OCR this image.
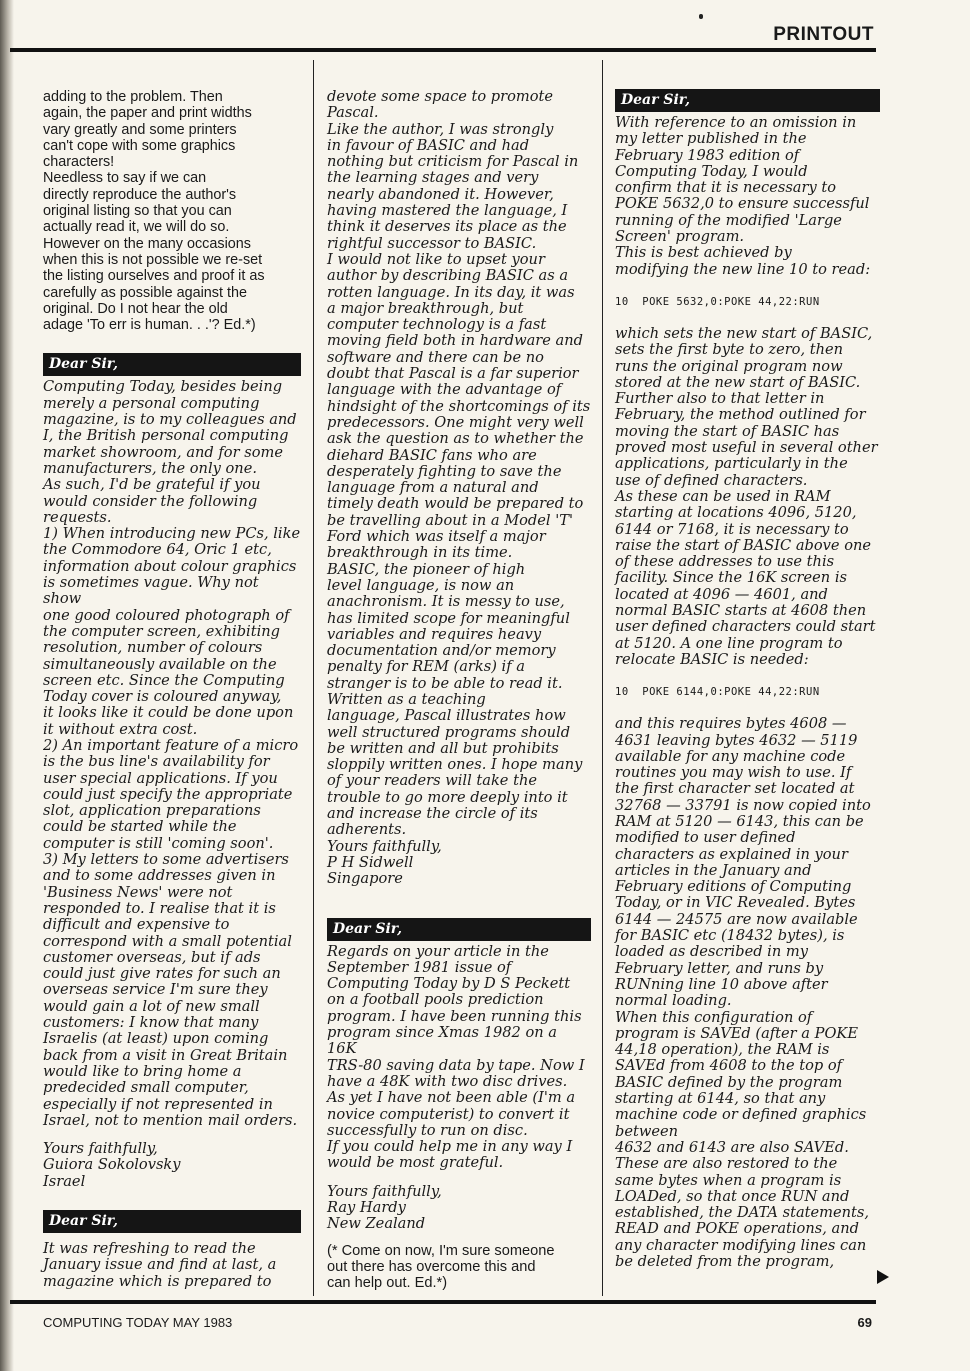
PRINTOUT

adding to the problem. Then
again, the paper and print widths
vary greatly and some printers
can't cope with some graphics
characters!
Needless to say if we can
directly reproduce the author's
original listing so that you can
actually read it, we will do so.
However on the many occasions
when this is not possible we re-set
the listing ourselves and proof it as
carefully as possible against the
original. Do I not hear the old
adage 'To err is human. . .'? Ed.*)

Dear Sir,

Computing Today, besides being
merely a personal computing
magazine, is to my colleagues and
I, the British personal computing
market showroom, and for some
manufacturers, the only one.
As such, I'd be grateful if you
would consider the following
requests.
1) When introducing new PCs, like
the Commodore 64, Oric 1 etc,
information about colour graphics
is sometimes vague. Why not show
one good coloured photograph of
the computer screen, exhibiting
resolution, number of colours
simultaneously available on the
screen etc. Since the Computing
Today cover is coloured anyway,
it looks like it could be done upon
it without extra cost.
2) An important feature of a micro
is the bus line's availability for
user special applications. If you
could just specify the appropriate
slot, application preparations
could be started while the
computer is still 'coming soon'.
3) My letters to some advertisers
and to some addresses given in
'Business News' were not
responded to. I realise that it is
difficult and expensive to
correspond with a small potential
customer overseas, but if ads
could just give rates for such an
overseas service I'm sure they
would gain a lot of new small
customers: I know that many
Israelis (at least) upon coming
back from a visit in Great Britain
would like to bring home a
predecided small computer,
especially if not represented in
Israel, not to mention mail orders.

Yours faithfully,
Guiora Sokolovsky
Israel

Dear Sir,

It was refreshing to read the
January issue and find at last, a
magazine which is prepared to

devote some space to promote
Pascal.
Like the author, I was strongly
in favour of BASIC and had
nothing but criticism for Pascal in
the learning stages and very
nearly abandoned it. However,
having mastered the language, I
think it deserves its place as the
rightful successor to BASIC.
I would not like to upset your
author by describing BASIC as a
rotten language. In its day, it was
a major breakthrough, but
computer technology is a fast
moving field both in hardware and
software and there can be no
doubt that Pascal is a far superior
language with the advantage of
hindsight of the shortcomings of its
predecessors. One might very well
ask the question as to whether the
diehard BASIC fans who are
desperately fighting to save the
language from a natural and
timely death would be prepared to
be travelling about in a Model 'T'
Ford which was itself a major
breakthrough in its time.
BASIC, the pioneer of high
level language, is now an
anachronism. It is messy to use,
has limited scope for meaningful
variables and requires heavy
documentation and/or memory
penalty for REM (arks) if a
stranger is to be able to read it.
Written as a teaching
language, Pascal illustrates how
well structured programs should
be written and all but prohibits
sloppily written ones. I hope many
of your readers will take the
trouble to go more deeply into it
and increase the circle of its
adherents.
Yours faithfully,
P H Sidwell
Singapore

Dear Sir,

Regards on your article in the
September 1981 issue of
Computing Today by D S Peckett
on a football pools prediction
program. I have been running this
program since Xmas 1982 on a 16K
TRS-80 saving data by tape. Now I
have a 48K with two disc drives.
As yet I have not been able (I'm a
novice computerist) to convert it
successfully to run on disc.
If you could help me in any way I
would be most grateful.

Yours faithfully,
Ray Hardy
New Zealand

(* Come on now, I'm sure someone
out there has overcome this and
can help out. Ed.*)

Dear Sir,

With reference to an omission in
my letter published in the
February 1983 edition of
Computing Today, I would
confirm that it is necessary to
POKE 5632,0 to ensure successful
running of the modified 'Large
Screen' program.
This is best achieved by
modifying the new line 10 to read:

10  POKE 5632,0:POKE 44,22:RUN

which sets the new start of BASIC,
sets the first byte to zero, then
runs the original program now
stored at the new start of BASIC.
Further also to that letter in
February, the method outlined for
moving the start of BASIC has
proved most useful in several other
applications, particularly in the
use of defined characters.
As these can be used in RAM
starting at locations 4096, 5120,
6144 or 7168, it is necessary to
raise the start of BASIC above one
of these addresses to use this
facility. Since the 16K screen is
located at 4096 — 4601, and
normal BASIC starts at 4608 then
user defined characters could start
at 5120. A one line program to
relocate BASIC is needed:

10  POKE 6144,0:POKE 44,22:RUN

and this requires bytes 4608 —
4631 leaving bytes 4632 — 5119
available for any machine code
routines you may wish to use. If
the first character set located at
32768 — 33791 is now copied into
RAM at 5120 — 6143, this can be
modified to user defined
characters as explained in your
articles in the January and
February editions of Computing
Today, or in VIC Revealed. Bytes
6144 — 24575 are now available
for BASIC etc (18432 bytes), is
loaded as described in my
February letter, and runs by
RUNning line 10 above after
normal loading.
When this configuration of
program is SAVEd (after a POKE
44,18 operation), the RAM is
SAVEd from 4608 to the top of
BASIC defined by the program
starting at 6144, so that any
machine code or defined graphics
between
4632 and 6143 are also SAVEd.
These are also restored to the
same bytes when a program is
LOADed, so that once RUN and
established, the DATA statements,
READ and POKE operations, and
any character modifying lines can
be deleted from the program,

COMPUTING TODAY MAY 1983	69
